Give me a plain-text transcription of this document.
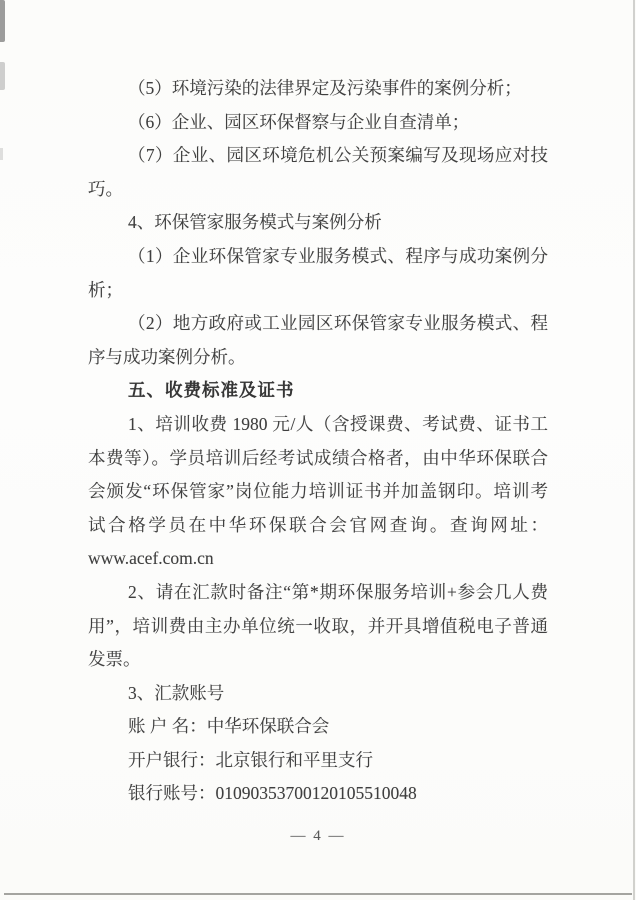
（5）环境污染的法律界定及污染事件的案例分析；
（6）企业、园区环保督察与企业自查清单；
（7）企业、园区环境危机公关预案编写及现场应对技
巧。
4、环保管家服务模式与案例分析
（1）企业环保管家专业服务模式、程序与成功案例分
析；
（2）地方政府或工业园区环保管家专业服务模式、程
序与成功案例分析。
五、收费标准及证书
1、培训收费 1980 元/人（含授课费、考试费、证书工
本费等）。学员培训后经考试成绩合格者，由中华环保联合
会颁发“环保管家”岗位能力培训证书并加盖钢印。培训考
试合格学员在中华环保联合会官网查询。查询网址：
www.acef.com.cn
2、请在汇款时备注“第*期环保服务培训+参会几人费
用”，培训费由主办单位统一收取，并开具增值税电子普通
发票。
3、汇款账号
账 户 名：中华环保联合会
开户银行：北京银行和平里支行
银行账号：01090353700120105510048
— 4 —
